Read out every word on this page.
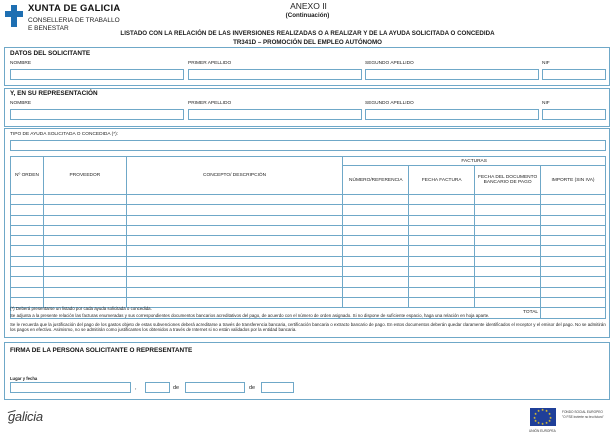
XUNTA DE GALICIA
CONSELLERIA DE TRABALLO
E BENESTAR
ANEXO II
(Continuación)
LISTADO CON LA RELACIÓN DE LAS INVERSIONES REALIZADAS O A REALIZAR Y DE LA AYUDA SOLICITADA O CONCEDIDA
TR341D – PROMOCIÓN DEL EMPLEO AUTÓNOMO
DATOS DEL SOLICITANTE
NOMBRE	PRIMER APELLIDO	SEGUNDO APELLIDO	NIF
Y, EN SU REPRESENTACIÓN
NOMBRE	PRIMER APELLIDO	SEGUNDO APELLIDO	NIF
TIPO DE AYUDA SOLICITADA O CONCEDIDA (*):
Nº ORDEN	PROVEEDOR	CONCEPTO/ DESCRIPCIÓN	FACTURAS			
			NÚMERO/REFERENCIA	FECHA FACTURA	FECHA DEL DOCUMENTO BANCARIO DE PAGO	IMPORTE (SIN IVA)

TOTAL						
(*) Deberá presentarse un listado por cada ayuda solicitada o concedida.
Se adjunta a la presente relación las facturas enumeradas y sus correspondientes documentos bancarios acreditativos del pago, de acuerdo con el número de orden asignado. Si no dispone de suficiente espacio, haga una relación en hoja aparte.
Se le recuerda que la justificación del pago de los gastos objeto de estas subvenciones deberá acreditarse a través de transferencia bancaria, certificación bancaria o extracto bancario de pago. En estos documentos deberán quedar claramente identificados el receptor y el emisor del pago. No se admitirán los pagos en efectivo. Asimismo, no se admitirán como justificantes los obtenidos a través de Internet si no están validados por la entidad bancaria.
FIRMA DE LA PERSONA SOLICITANTE O REPRESENTANTE
Lugar y fecha
,	de	de
galicia	★ ★
★
★
★
★
★
★
★
★
★
★	FONDO SOCIAL EUROPEO
"O FSE invierte no teu futuro"
UNIÓN EUROPEA
